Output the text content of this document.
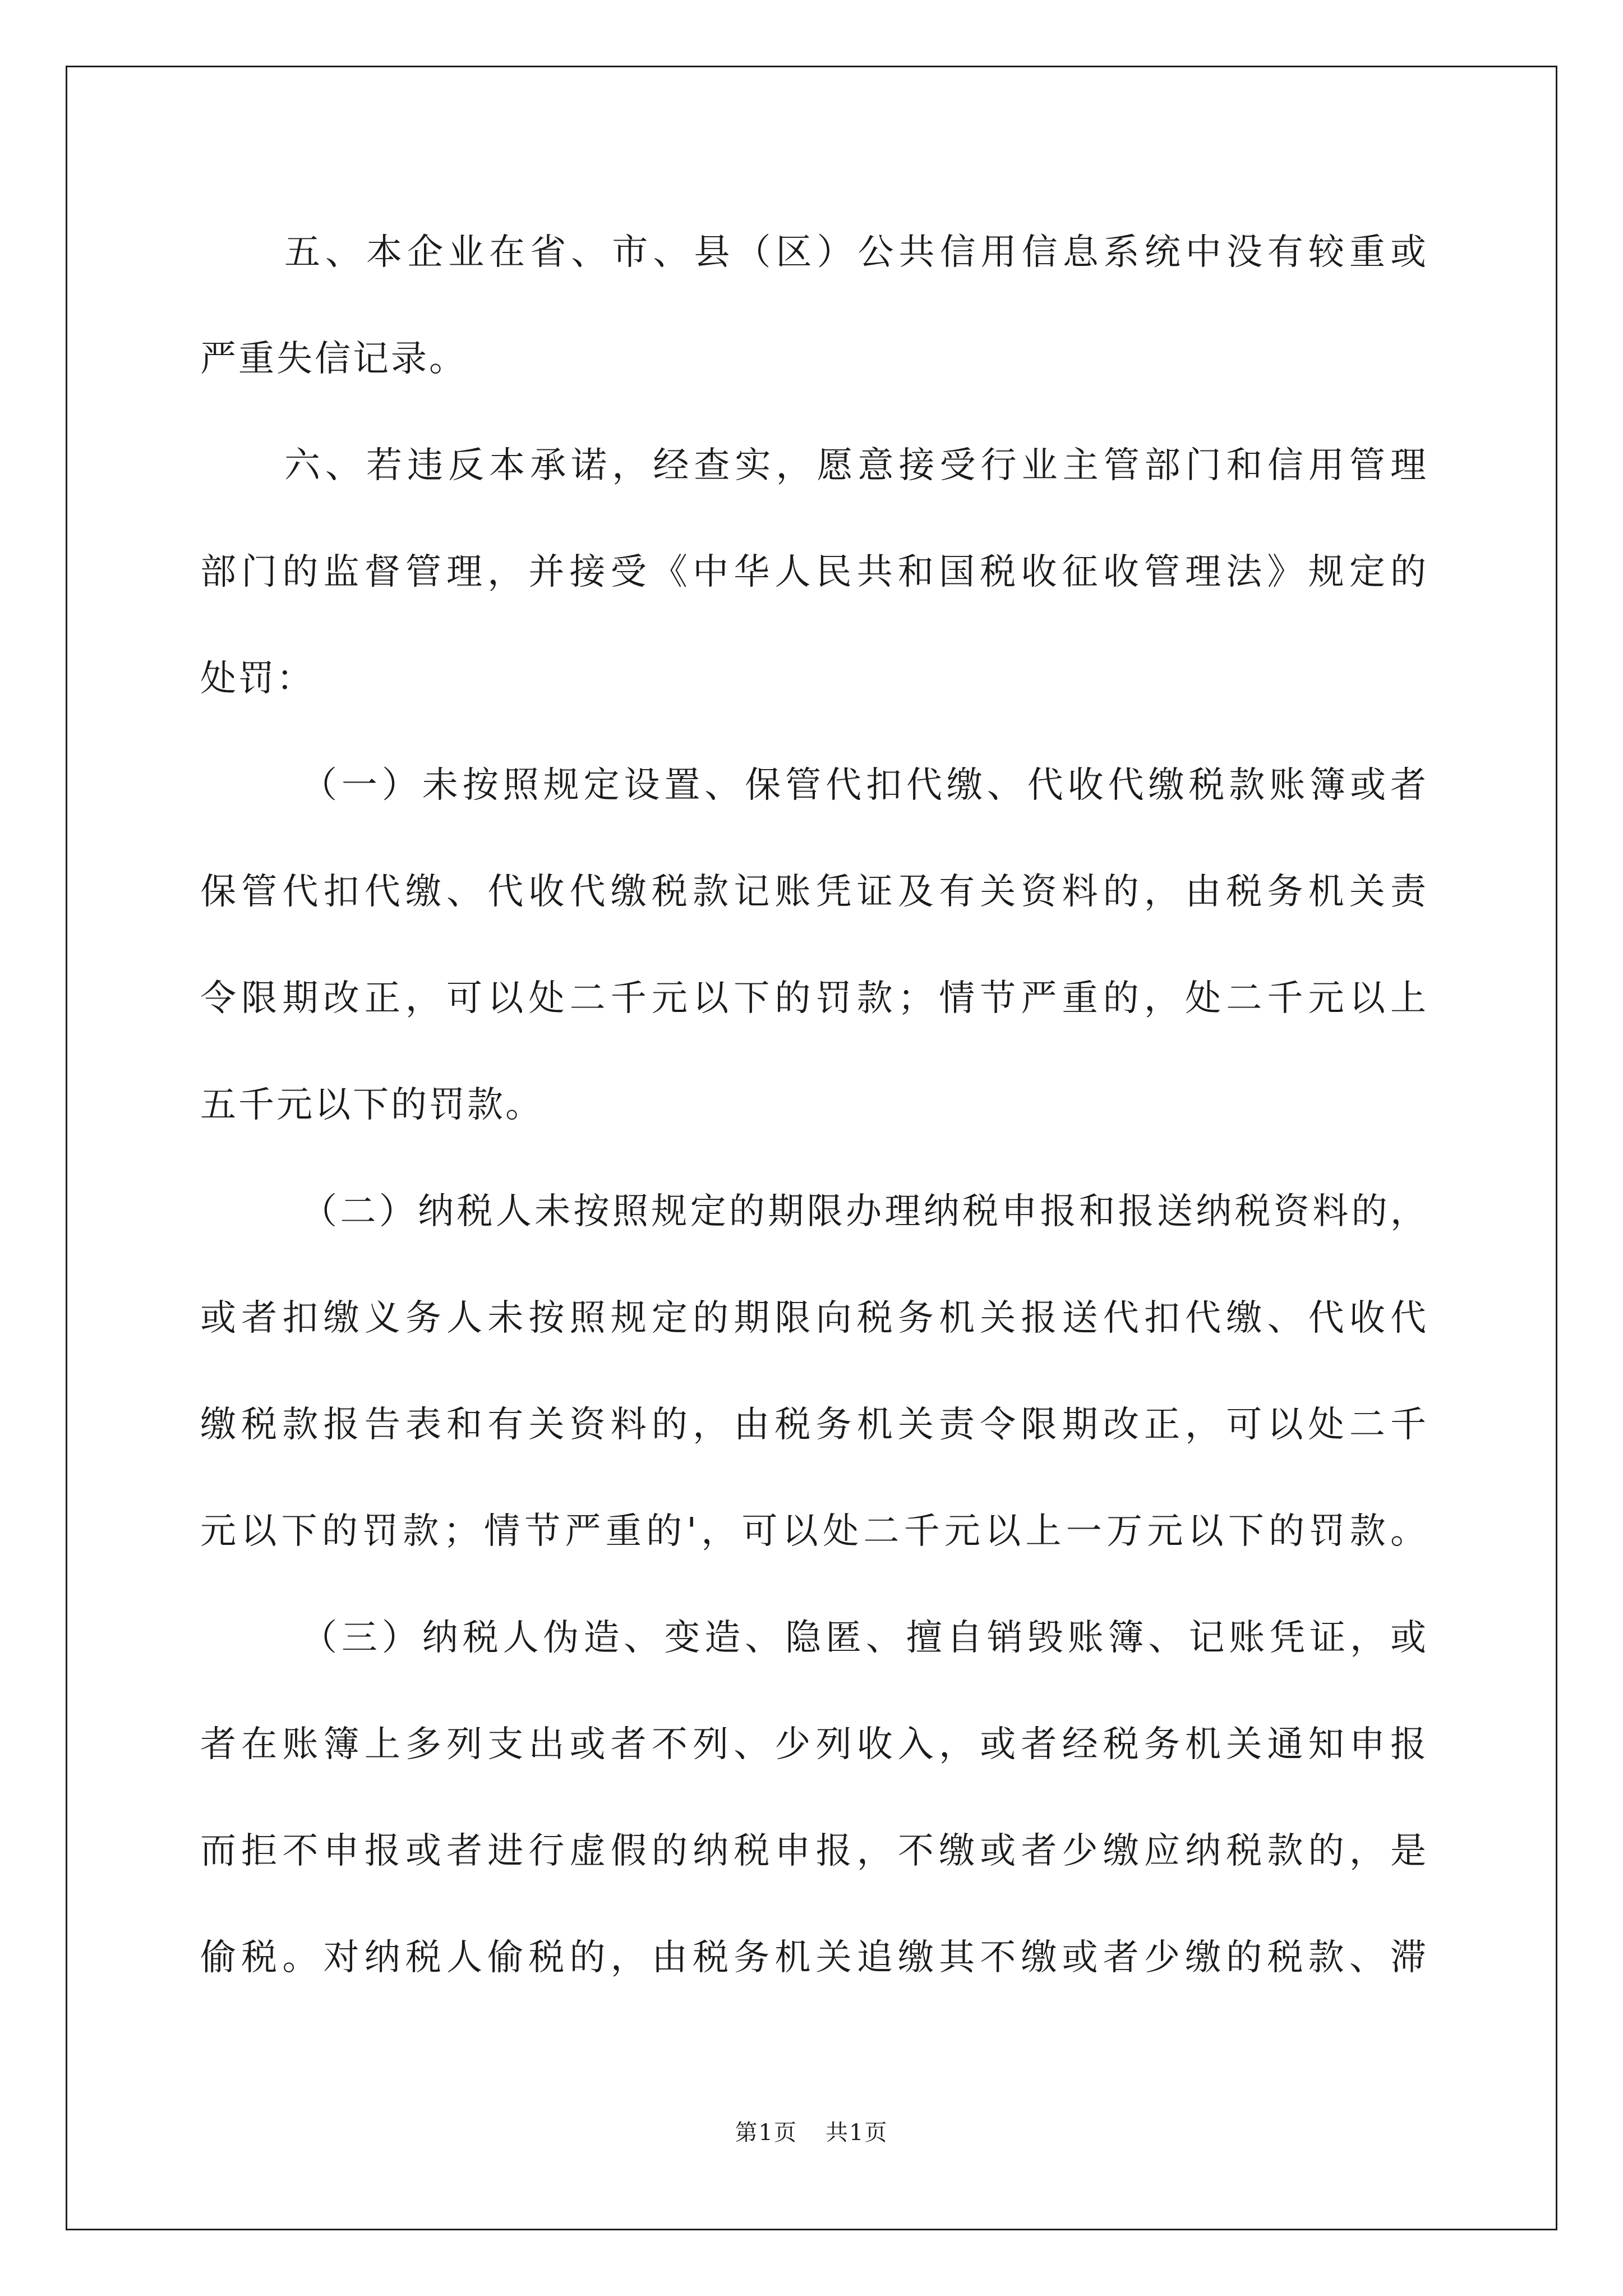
五、本企业在省、市、县（区）公共信用信息系统中没有较重或
严重失信记录。
六、若违反本承诺，经查实，愿意接受行业主管部门和信用管理
部门的监督管理，并接受《中华人民共和国税收征收管理法》规定的
处罚：
（一）未按照规定设置、保管代扣代缴、代收代缴税款账簿或者
保管代扣代缴、代收代缴税款记账凭证及有关资料的，由税务机关责
令限期改正，可以处二千元以下的罚款；情节严重的，处二千元以上
五千元以下的罚款。
（二）纳税人未按照规定的期限办理纳税申报和报送纳税资料的，
或者扣缴义务人未按照规定的期限向税务机关报送代扣代缴、代收代
缴税款报告表和有关资料的，由税务机关责令限期改正，可以处二千
元以下的罚款；情节严重的'，可以处二千元以上一万元以下的罚款。
（三）纳税人伪造、变造、隐匿、擅自销毁账簿、记账凭证，或
者在账簿上多列支出或者不列、少列收入，或者经税务机关通知申报
而拒不申报或者进行虚假的纳税申报，不缴或者少缴应纳税款的，是
偷税。对纳税人偷税的，由税务机关追缴其不缴或者少缴的税款、滞
第1页 共1页
